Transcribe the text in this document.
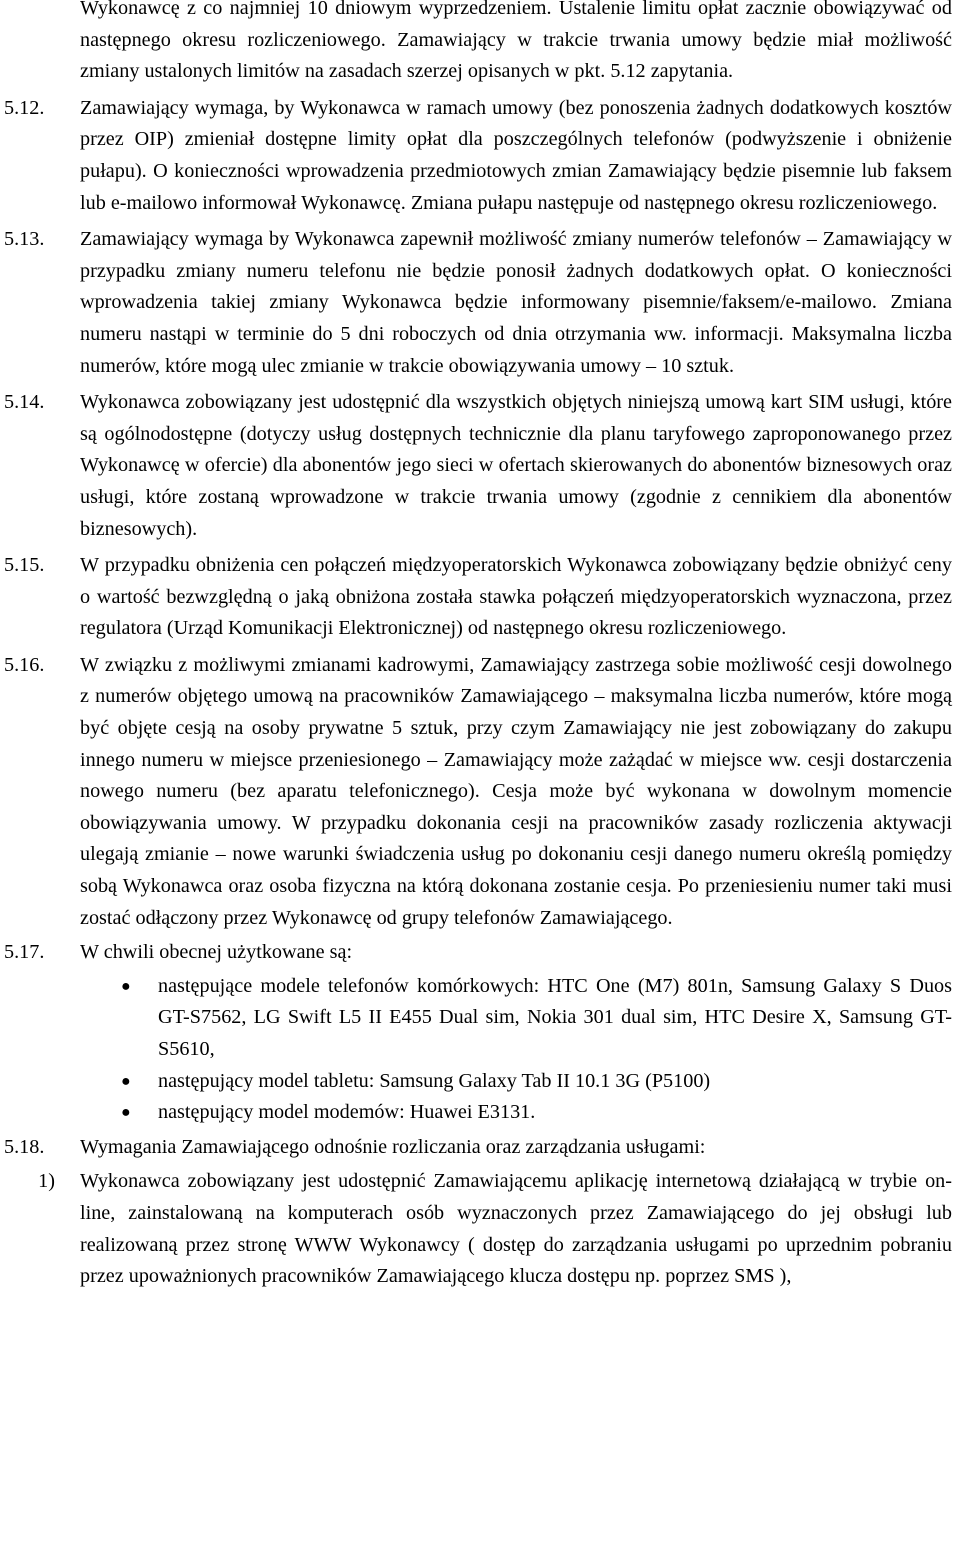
Wykonawcę z co najmniej 10 dniowym wyprzedzeniem. Ustalenie limitu opłat zacznie obowiązywać od następnego okresu rozliczeniowego. Zamawiający w trakcie trwania umowy będzie miał możliwość zmiany ustalonych limitów na zasadach szerzej opisanych w pkt. 5.12 zapytania.
5.12. Zamawiający wymaga, by Wykonawca w ramach umowy (bez ponoszenia żadnych dodatkowych kosztów przez OIP) zmieniał dostępne limity opłat dla poszczególnych telefonów (podwyższenie i obniżenie pułapu). O konieczności wprowadzenia przedmiotowych zmian Zamawiający będzie pisemnie lub faksem lub e-mailowo informował Wykonawcę. Zmiana pułapu następuje od następnego okresu rozliczeniowego.
5.13. Zamawiający wymaga by Wykonawca zapewnił możliwość zmiany numerów telefonów – Zamawiający w przypadku zmiany numeru telefonu nie będzie ponosił żadnych dodatkowych opłat. O konieczności wprowadzenia takiej zmiany Wykonawca będzie informowany pisemnie/faksem/e-mailowo. Zmiana numeru nastąpi w terminie do 5 dni roboczych od dnia otrzymania ww. informacji. Maksymalna liczba numerów, które mogą ulec zmianie w trakcie obowiązywania umowy – 10 sztuk.
5.14. Wykonawca zobowiązany jest udostępnić dla wszystkich objętych niniejszą umową kart SIM usługi, które są ogólnodostępne (dotyczy usług dostępnych technicznie dla planu taryfowego zaproponowanego przez Wykonawcę w ofercie) dla abonentów jego sieci w ofertach skierowanych do abonentów biznesowych oraz usługi, które zostaną wprowadzone w trakcie trwania umowy (zgodnie z cennikiem dla abonentów biznesowych).
5.15. W przypadku obniżenia cen połączeń międzyoperatorskich Wykonawca zobowiązany będzie obniżyć ceny o wartość bezwzględną o jaką obniżona została stawka połączeń międzyoperatorskich wyznaczona, przez regulatora (Urząd Komunikacji Elektronicznej) od następnego okresu rozliczeniowego.
5.16. W związku z możliwymi zmianami kadrowymi, Zamawiający zastrzega sobie możliwość cesji dowolnego z numerów objętego umową na pracowników Zamawiającego – maksymalna liczba numerów, które mogą być objęte cesją na osoby prywatne 5 sztuk, przy czym Zamawiający nie jest zobowiązany do zakupu innego numeru w miejsce przeniesionego – Zamawiający może zażądać w miejsce ww. cesji dostarczenia nowego numeru (bez aparatu telefonicznego). Cesja może być wykonana w dowolnym momencie obowiązywania umowy. W przypadku dokonania cesji na pracowników zasady rozliczenia aktywacji ulegają zmianie – nowe warunki świadczenia usług po dokonaniu cesji danego numeru określą pomiędzy sobą Wykonawca oraz osoba fizyczna na którą dokonana zostanie cesja. Po przeniesieniu numer taki musi zostać odłączony przez Wykonawcę od grupy telefonów Zamawiającego.
5.17. W chwili obecnej użytkowane są:
● następujące modele telefonów komórkowych: HTC One (M7) 801n, Samsung Galaxy S Duos GT-S7562, LG Swift L5 II E455 Dual sim, Nokia 301 dual sim, HTC Desire X, Samsung GT-S5610,
● następujący model tabletu: Samsung Galaxy Tab II 10.1 3G (P5100)
● następujący model modemów: Huawei E3131.
5.18. Wymagania Zamawiającego odnośnie rozliczania oraz zarządzania usługami:
1) Wykonawca zobowiązany jest udostępnić Zamawiającemu aplikację internetową działającą w trybie on-line, zainstalowaną na komputerach osób wyznaczonych przez Zamawiającego do jej obsługi lub realizowaną przez stronę WWW Wykonawcy ( dostęp do zarządzania usługami po uprzednim pobraniu przez upoważnionych pracowników Zamawiającego klucza dostępu np. poprzez SMS ),
